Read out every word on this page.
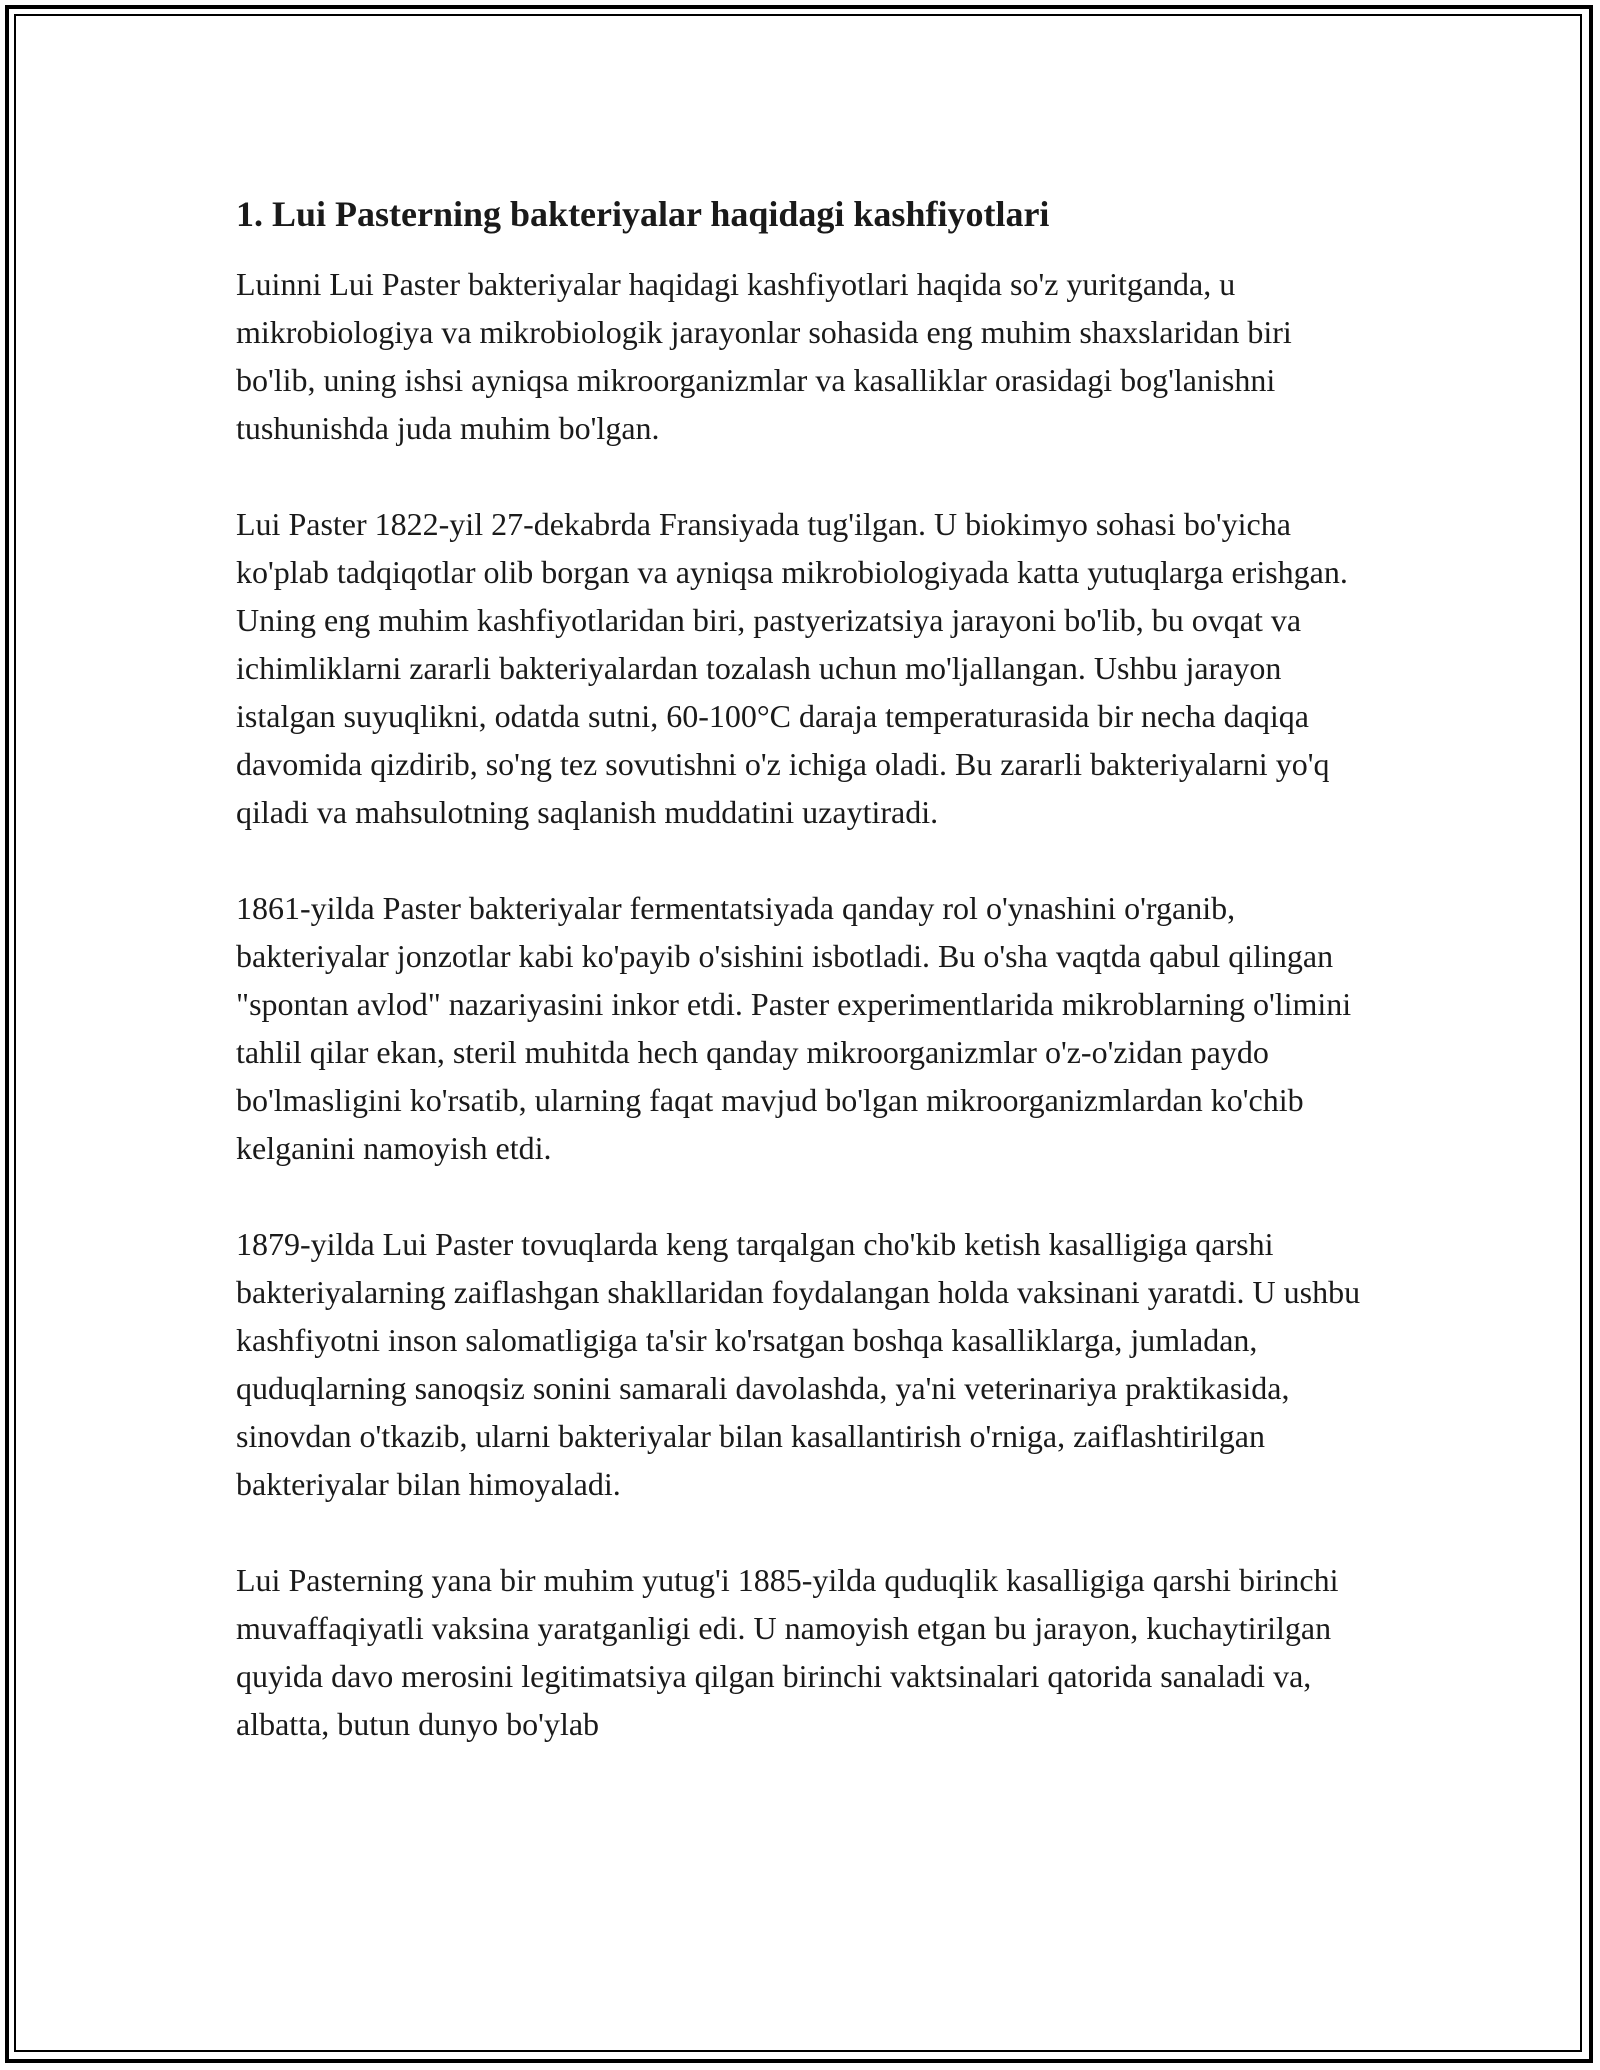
1. Lui Pasterning bakteriyalar haqidagi kashfiyotlari

Luinni Lui Paster bakteriyalar haqidagi kashfiyotlari haqida so'z yuritganda, u mikrobiologiya va mikrobiologik jarayonlar sohasida eng muhim shaxslaridan biri bo'lib, uning ishsi ayniqsa mikroorganizmlar va kasalliklar orasidagi bog'lanishni tushunishda juda muhim bo'lgan.

Lui Paster 1822-yil 27-dekabrda Fransiyada tug'ilgan. U biokimyo sohasi bo'yicha ko'plab tadqiqotlar olib borgan va ayniqsa mikrobiologiyada katta yutuqlarga erishgan. Uning eng muhim kashfiyotlaridan biri, pastyerizatsiya jarayoni bo'lib, bu ovqat va ichimliklarni zararli bakteriyalardan tozalash uchun mo'ljallangan. Ushbu jarayon istalgan suyuqlikni, odatda sutni, 60-100°C daraja temperaturasida bir necha daqiqa davomida qizdirib, so'ng tez sovutishni o'z ichiga oladi. Bu zararli bakteriyalarni yo'q qiladi va mahsulotning saqlanish muddatini uzaytiradi.

1861-yilda Paster bakteriyalar fermentatsiyada qanday rol o'ynashini o'rganib, bakteriyalar jonzotlar kabi ko'payib o'sishini isbotladi. Bu o'sha vaqtda qabul qilingan "spontan avlod" nazariyasini inkor etdi. Paster experimentlarida mikroblarning o'limini tahlil qilar ekan, steril muhitda hech qanday mikroorganizmlar o'z-o'zidan paydo bo'lmasligini ko'rsatib, ularning faqat mavjud bo'lgan mikroorganizmlardan ko'chib kelganini namoyish etdi.

1879-yilda Lui Paster tovuqlarda keng tarqalgan cho'kib ketish kasalligiga qarshi bakteriyalarning zaiflashgan shakllaridan foydalangan holda vaksinani yaratdi. U ushbu kashfiyotni inson salomatligiga ta'sir ko'rsatgan boshqa kasalliklarga, jumladan, quduqlarning sanoqsiz sonini samarali davolashda, ya'ni veterinariya praktikasida, sinovdan o'tkazib, ularni bakteriyalar bilan kasallantirish o'rniga, zaiflashtirilgan bakteriyalar bilan himoyaladi.

Lui Pasterning yana bir muhim yutug'i 1885-yilda quduqlik kasalligiga qarshi birinchi muvaffaqiyatli vaksina yaratganligi edi. U namoyish etgan bu jarayon, kuchaytirilgan quyida davo merosini legitimatsiya qilgan birinchi vaktsinalari qatorida sanaladi va, albatta, butun dunyo bo'ylab
